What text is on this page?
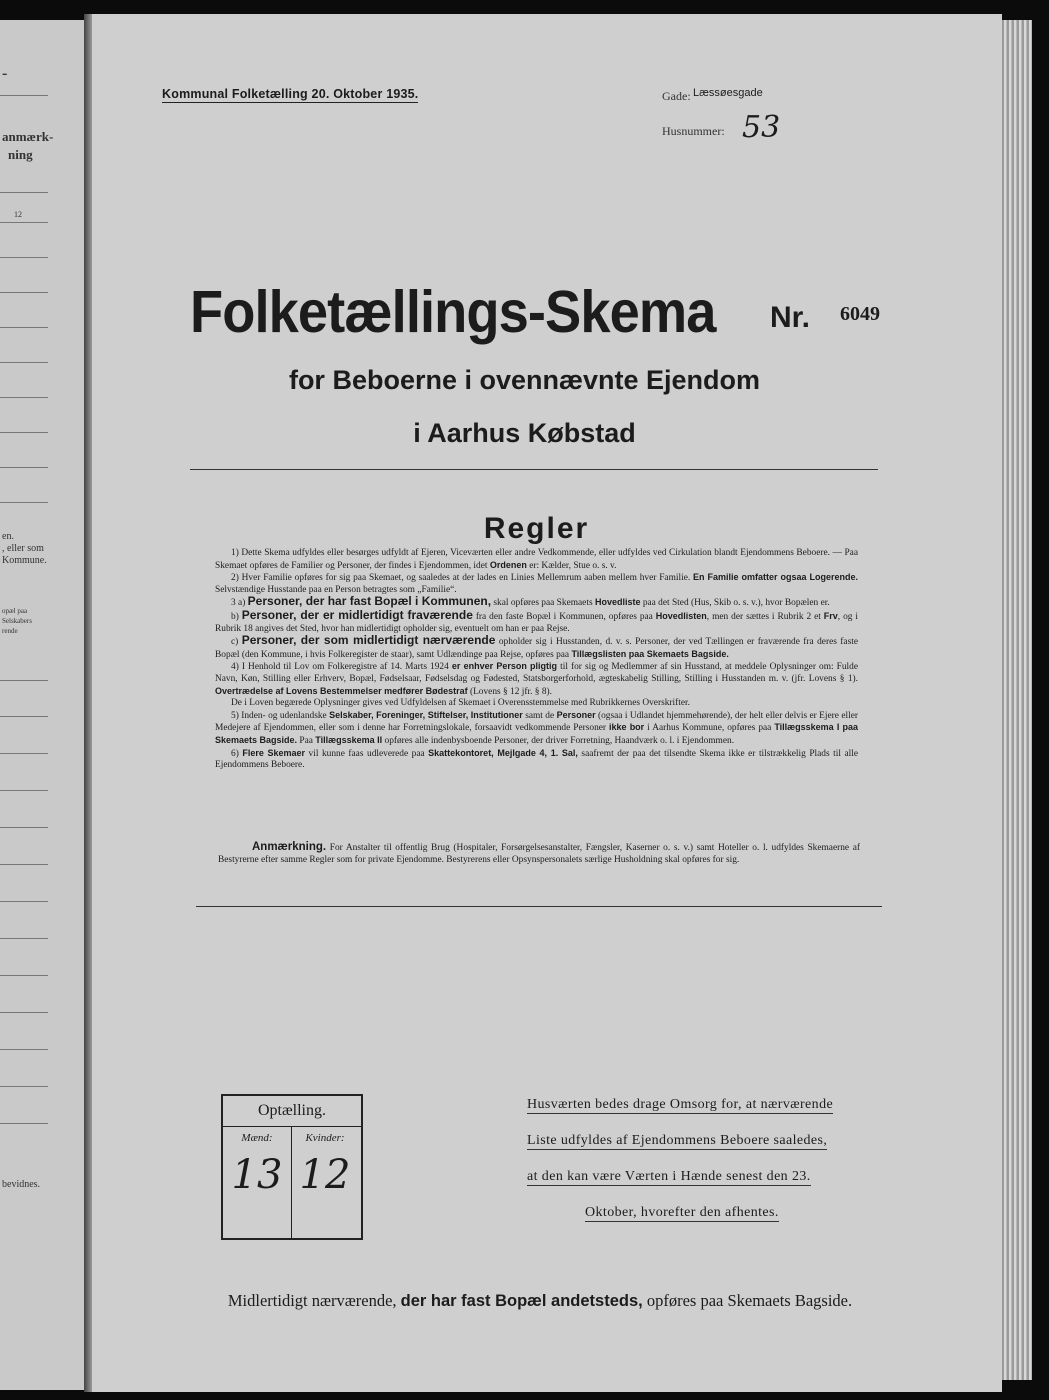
-
anmærk-
ning
12
en.
, eller som
Kommune.
opæl paa
Selskabers
rende
bevidnes.
Kommunal Folketælling 20. Oktober 1935.	Gade: Læssøesgade
Husnummer: 53
Folketællings-Skema Nr. 6049
for Beboerne i ovennævnte Ejendom
i Aarhus Købstad
Regler

1) Dette Skema udfyldes eller besørges udfyldt af Ejeren, Viceværten eller andre Vedkommende, eller udfyldes ved Cirkulation blandt Ejendommens Beboere. — Paa Skemaet opføres de Familier og Personer, der findes i Ejendommen, idet Ordenen er: Kælder, Stue o. s. v.

2) Hver Familie opføres for sig paa Skemaet, og saaledes at der lades en Linies Mellemrum aaben mellem hver Familie. En Familie omfatter ogsaa Logerende. Selvstændige Husstande paa en Person betragtes som „Familie“.

3 a) Personer, der har fast Bopæl i Kommunen, skal opføres paa Skemaets Hovedliste paa det Sted (Hus, Skib o. s. v.), hvor Bopælen er.

b) Personer, der er midlertidigt fraværende fra den faste Bopæl i Kommunen, opføres paa Hovedlisten, men der sættes i Rubrik 2 et Frv, og i Rubrik 18 angives det Sted, hvor han midlertidigt opholder sig, eventuelt om han er paa Rejse.

c) Personer, der som midlertidigt nærværende opholder sig i Husstanden, d. v. s. Personer, der ved Tællingen er fraværende fra deres faste Bopæl (den Kommune, i hvis Folkeregister de staar), samt Udlændinge paa Rejse, opføres paa Tillægslisten paa Skemaets Bagside.

4) I Henhold til Lov om Folkeregistre af 14. Marts 1924 er enhver Person pligtig til for sig og Medlemmer af sin Husstand, at meddele Oplysninger om: Fulde Navn, Køn, Stilling eller Erhverv, Bopæl, Fødselsaar, Fødselsdag og Fødested, Statsborgerforhold, ægteskabelig Stilling, Stilling i Husstanden m. v. (jfr. Lovens § 1). Overtrædelse af Lovens Bestemmelser medfører Bødestraf (Lovens § 12 jfr. § 8).

De i Loven begærede Oplysninger gives ved Udfyldelsen af Skemaet i Overensstemmelse med Rubrikkernes Overskrifter.

5) Inden- og udenlandske Selskaber, Foreninger, Stiftelser, Institutioner samt de Personer (ogsaa i Udlandet hjemmehørende), der helt eller delvis er Ejere eller Medejere af Ejendommen, eller som i denne har Forretningslokale, forsaavidt vedkommende Personer ikke bor i Aarhus Kommune, opføres paa Tillægsskema I paa Skemaets Bagside. Paa Tillægsskema II opføres alle indenbysboende Personer, der driver Forretning, Haandværk o. l. i Ejendommen.

6) Flere Skemaer vil kunne faas udleverede paa Skattekontoret, Mejlgade 4, 1. Sal, saafremt der paa det tilsendte Skema ikke er tilstrækkelig Plads til alle Ejendommens Beboere.

Anmærkning. For Anstalter til offentlig Brug (Hospitaler, Forsørgelsesanstalter, Fængsler, Kaserner o. s. v.) samt Hoteller o. l. udfyldes Skemaerne af Bestyrerne efter samme Regler som for private Ejendomme. Bestyrerens eller Opsynspersonalets særlige Husholdning skal opføres for sig.
Optælling.
Mænd:	Kvinder:
13 12
Husværten bedes drage Omsorg for, at nærværende
Liste udfyldes af Ejendommens Beboere saaledes,
at den kan være Værten i Hænde senest den 23.
Oktober, hvorefter den afhentes.
Midlertidigt nærværende, der har fast Bopæl andetsteds, opføres paa Skemaets Bagside.
